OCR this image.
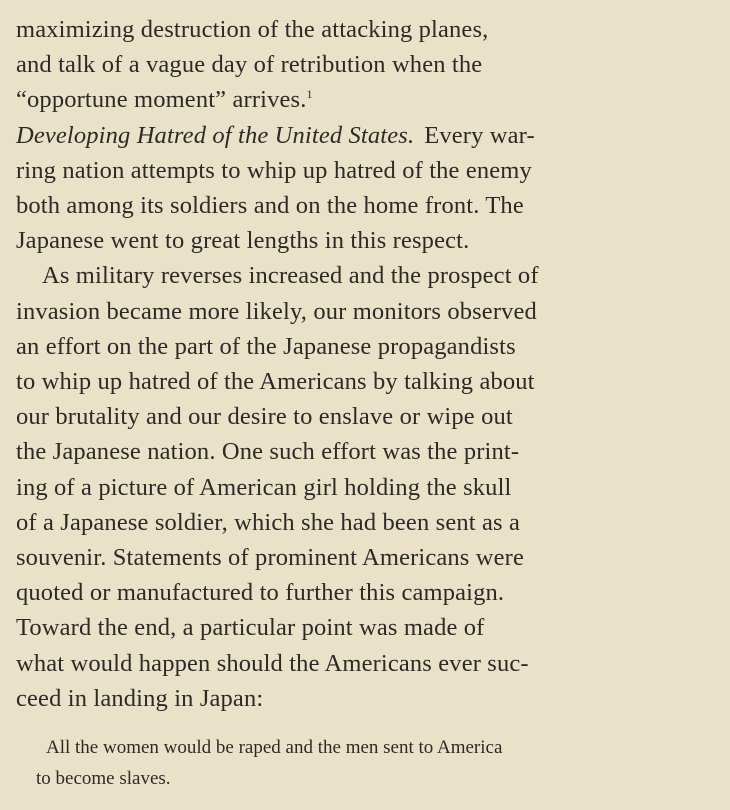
maximizing destruction of the attacking planes,
and talk of a vague day of retribution when the
“opportune moment” arrives.$^1$
Developing Hatred of the United States. Every war-
ring nation attempts to whip up hatred of the enemy
both among its soldiers and on the home front. The
Japanese went to great lengths in this respect.
As military reverses increased and the prospect of
invasion became more likely, our monitors observed
an effort on the part of the Japanese propagandists
to whip up hatred of the Americans by talking about
our brutality and our desire to enslave or wipe out
the Japanese nation. One such effort was the print-
ing of a picture of American girl holding the skull
of a Japanese soldier, which she had been sent as a
souvenir. Statements of prominent Americans were
quoted or manufactured to further this campaign.
Toward the end, a particular point was made of
what would happen should the Americans ever suc-
ceed in landing in Japan:
All the women would be raped and the men sent to America
to become slaves.
